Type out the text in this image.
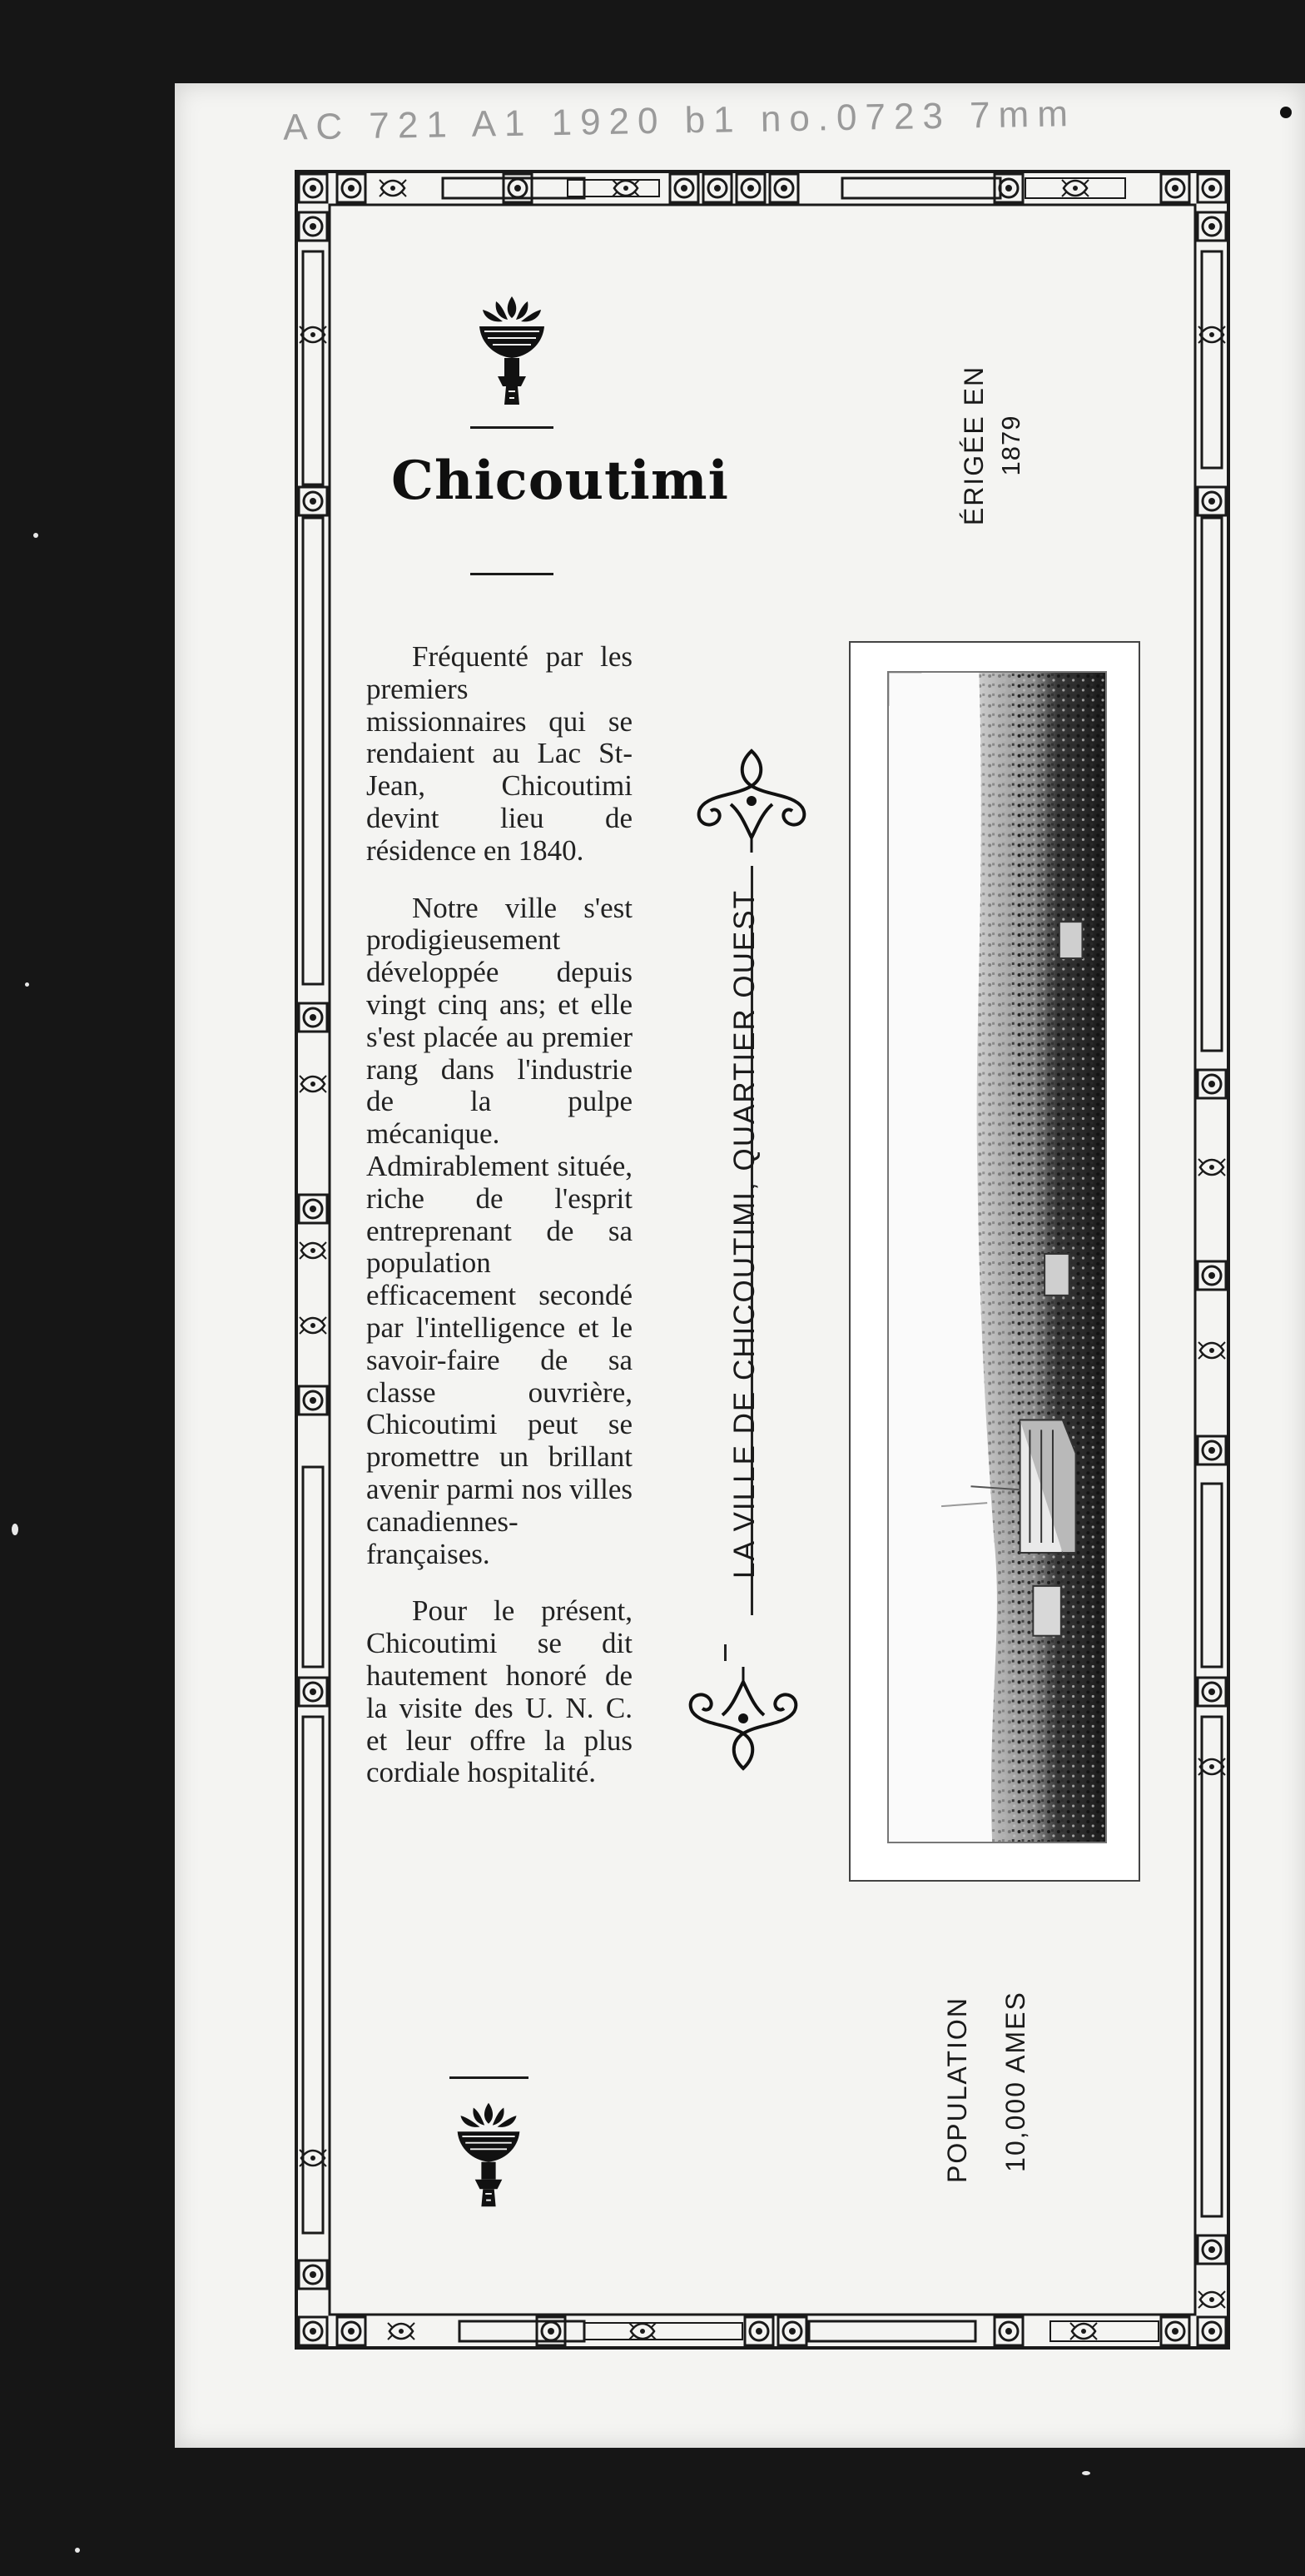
AC 721 A1 1920 b1 no.0723 7mm
Chicoutimi

Fréquenté par les premiers missionnaires qui se rendaient au Lac St-Jean, Chicoutimi devint lieu de résidence en 1840.

Notre ville s'est prodigieusement développée depuis vingt cinq ans; et elle s'est placée au premier rang dans l'industrie de la pulpe mécanique. Admirablement située, riche de l'esprit entreprenant de sa population efficacement secondé par l'intelligence et le savoir-faire de sa classe ouvrière, Chicoutimi peut se promettre un brillant avenir parmi nos villes canadiennes-françaises.

Pour le présent, Chicoutimi se dit hautement honoré de la visite des U. N. C. et leur offre la plus cordiale hospitalité.

ÉRIGÉE EN 1879
LA VILLE DE CHICOUTIMI, QUARTIER OUEST
POPULATION 10,000 AMES
